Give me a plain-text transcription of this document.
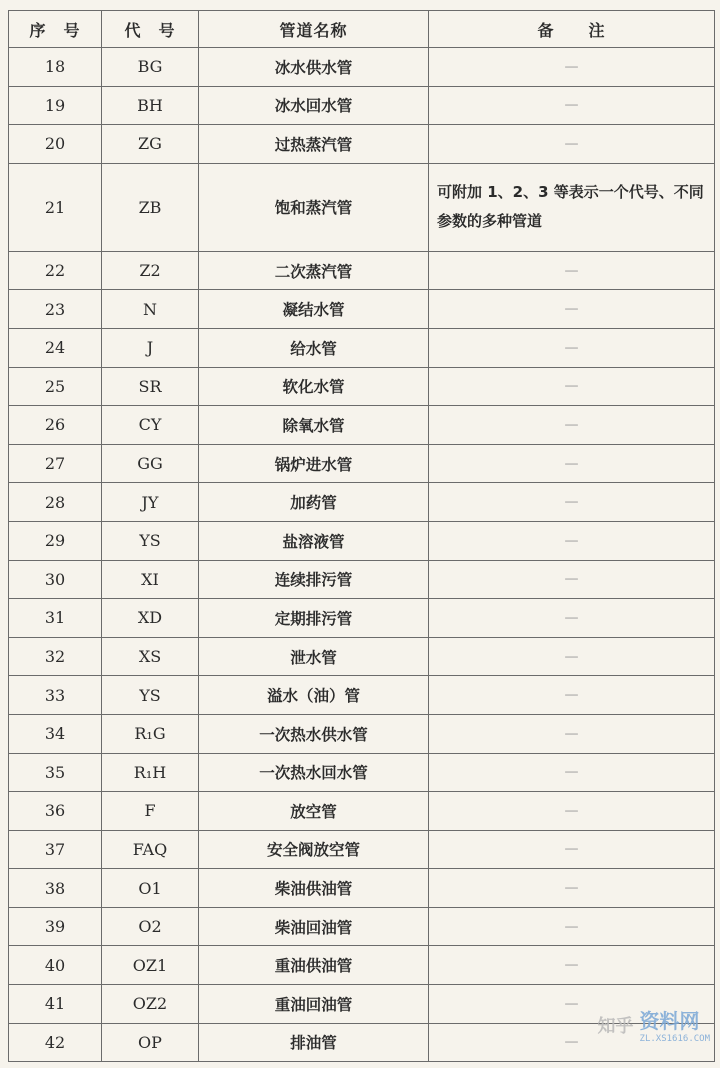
序　号	代　号	管道名称	备　　注
18	BG	冰水供水管	—
19	BH	冰水回水管	—
20	ZG	过热蒸汽管	—
21	ZB	饱和蒸汽管	可附加 1、2、3 等表示一个代号、不同参数的多种管道
22	Z2	二次蒸汽管	—
23	N	凝结水管	—
24	J	给水管	—
25	SR	软化水管	—
26	CY	除氧水管	—
27	GG	锅炉进水管	—
28	JY	加药管	—
29	YS	盐溶液管	—
30	XI	连续排污管	—
31	XD	定期排污管	—
32	XS	泄水管	—
33	YS	溢水（油）管	—
34	R₁G	一次热水供水管	—
35	R₁H	一次热水回水管	—
36	F	放空管	—
37	FAQ	安全阀放空管	—
38	O1	柴油供油管	—
39	O2	柴油回油管	—
40	OZ1	重油供油管	—
41	OZ2	重油回油管	—
42	OP	排油管	—
知乎 资料网
ZL.XS1616.COM
